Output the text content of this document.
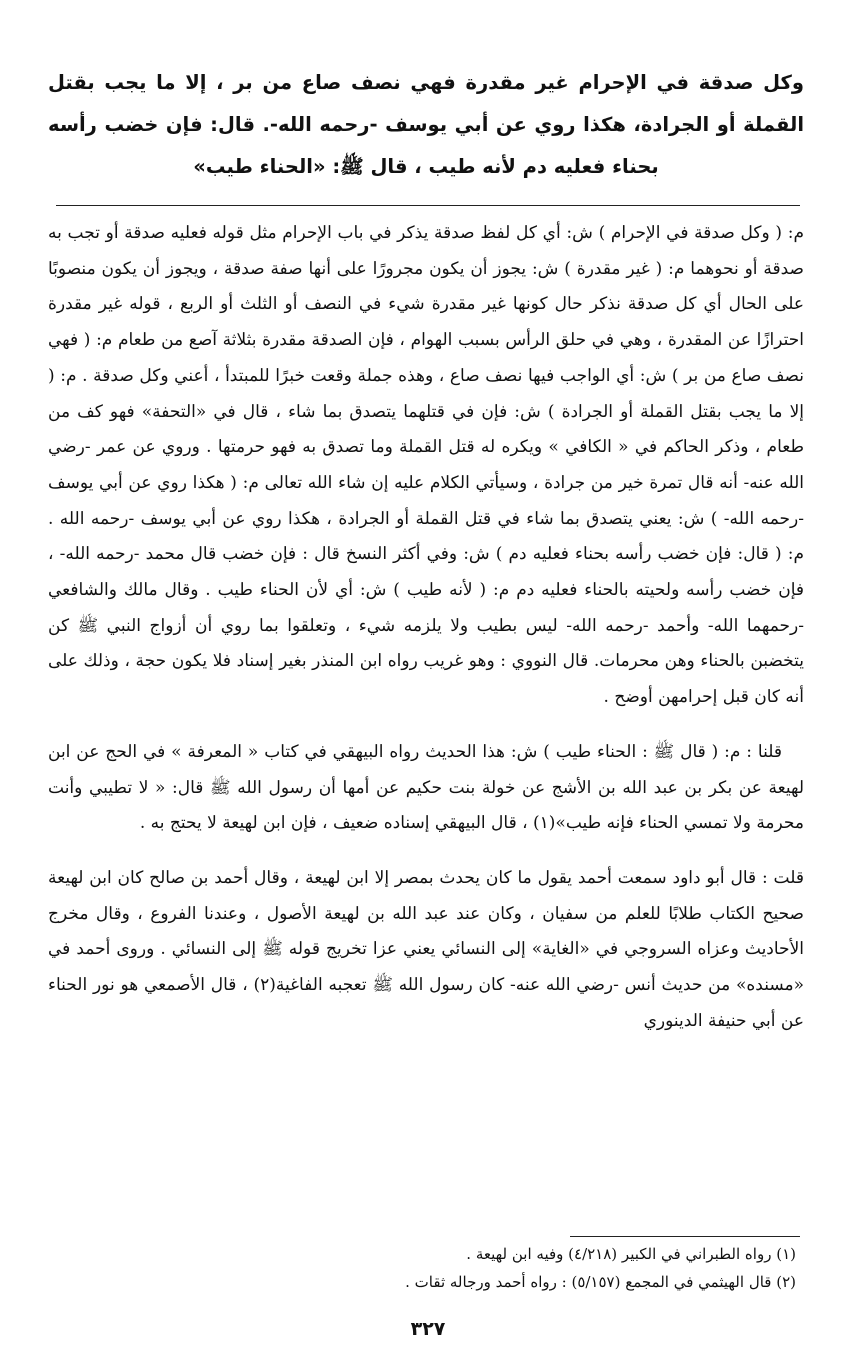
وكل صدقة في الإحرام غير مقدرة فهي نصف صاع من بر ، إلا ما يجب بقتل القملة أو الجرادة، هكذا روي عن أبي يوسف -رحمه الله-. قال: فإن خضب رأسه بحناء فعليه دم لأنه طيب ، قال ﷺ: «الحناء طيب»

م: ( وكل صدقة في الإحرام ) ش: أي كل لفظ صدقة يذكر في باب الإحرام مثل قوله فعليه صدقة أو تجب به صدقة أو نحوهما م: ( غير مقدرة ) ش: يجوز أن يكون مجرورًا على أنها صفة صدقة ، ويجوز أن يكون منصوبًا على الحال أي كل صدقة نذكر حال كونها غير مقدرة شيء في النصف أو الثلث أو الربع ، قوله غير مقدرة احترازًا عن المقدرة ، وهي في حلق الرأس بسبب الهوام ، فإن الصدقة مقدرة بثلاثة آصع من طعام م: ( فهي نصف صاع من بر ) ش: أي الواجب فيها نصف صاع ، وهذه جملة وقعت خبرًا للمبتدأ ، أعني وكل صدقة . م: ( إلا ما يجب بقتل القملة أو الجرادة ) ش: فإن في قتلهما يتصدق بما شاء ، قال في «التحفة» فهو كف من طعام ، وذكر الحاكم في « الكافي » ويكره له قتل القملة وما تصدق به فهو حرمتها . وروي عن عمر -رضي الله عنه- أنه قال تمرة خير من جرادة ، وسيأتي الكلام عليه إن شاء الله تعالى م: ( هكذا روي عن أبي يوسف -رحمه الله- ) ش: يعني يتصدق بما شاء في قتل القملة أو الجرادة ، هكذا روي عن أبي يوسف -رحمه الله . م: ( قال: فإن خضب رأسه بحناء فعليه دم ) ش: وفي أكثر النسخ قال : فإن خضب قال محمد -رحمه الله- ، فإن خضب رأسه ولحيته بالحناء فعليه دم م: ( لأنه طيب ) ش: أي لأن الحناء طيب . وقال مالك والشافعي -رحمهما الله- وأحمد -رحمه الله- ليس بطيب ولا يلزمه شيء ، وتعلقوا بما روي أن أزواج النبي ﷺ كن يتخضبن بالحناء وهن محرمات. قال النووي : وهو غريب رواه ابن المنذر بغير إسناد فلا يكون حجة ، وذلك على أنه كان قبل إحرامهن أوضح .

قلنا : م: ( قال ﷺ : الحناء طيب ) ش: هذا الحديث رواه البيهقي في كتاب « المعرفة » في الحج عن ابن لهيعة عن بكر بن عبد الله بن الأشج عن خولة بنت حكيم عن أمها أن رسول الله ﷺ قال: « لا تطيبي وأنت محرمة ولا تمسي الحناء فإنه طيب»(١) ، قال البيهقي إسناده ضعيف ، فإن ابن لهيعة لا يحتج به .

قلت : قال أبو داود سمعت أحمد يقول ما كان يحدث بمصر إلا ابن لهيعة ، وقال أحمد بن صالح كان ابن لهيعة صحيح الكتاب طلابًا للعلم من سفيان ، وكان عند عبد الله بن لهيعة الأصول ، وعندنا الفروع ، وقال مخرج الأحاديث وعزاه السروجي في «الغاية» إلى النسائي يعني عزا تخريج قوله ﷺ إلى النسائي . وروى أحمد في «مسنده» من حديث أنس -رضي الله عنه- كان رسول الله ﷺ تعجبه الفاغية(٢) ، قال الأصمعي هو نور الحناء عن أبي حنيفة الدينوري

(١) رواه الطبراني في الكبير (٤/٢١٨) وفيه ابن لهيعة .
(٢) قال الهيثمي في المجمع (٥/١٥٧) : رواه أحمد ورجاله ثقات .
٣٢٧
